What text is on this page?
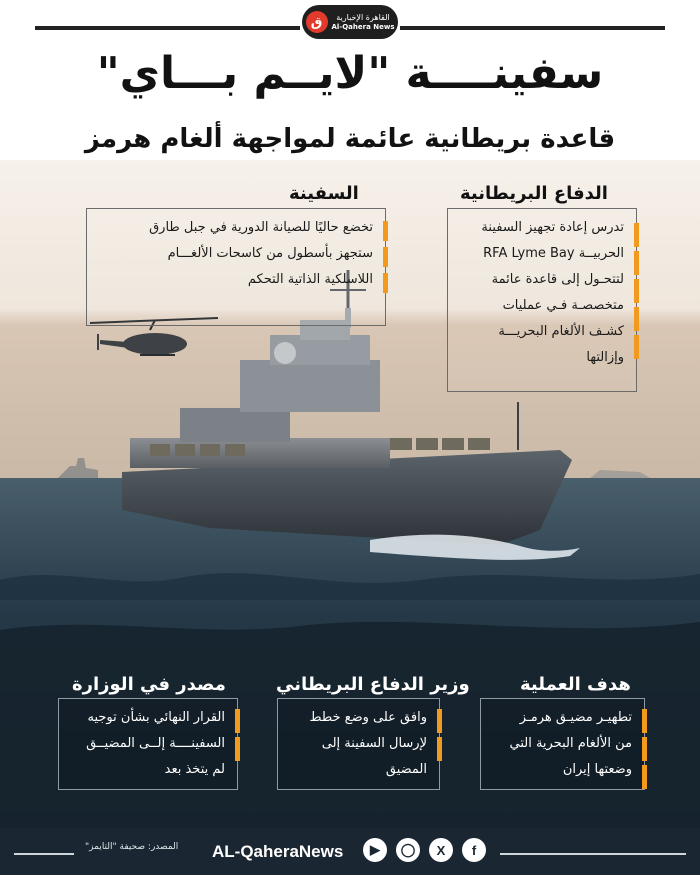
ق	القاهرة الإخبارية
Al-Qahera News
سفينــــة "لايــم بـــاي"
قاعدة بريطانية عائمة لمواجهة ألغام هرمز
السفينة
تخضع حاليًا للصيانة الدورية في جبل طارق
ستجهز بأسطول من كاسحات الألغـــام
اللاسلكية الذاتية التحكم
الدفاع البريطانية
تدرس إعادة تجهيز السفينة
الحربيــة RFA Lyme Bay
لتتحـول إلى قاعدة عائمة
متخصصـة فـي عمليات
كشـف الألغام البحريـــة
وإزالتها
مصدر في الوزارة
القرار النهائي بشأن توجيه
السفينــــة إلــى المضيــق
لم يتخذ بعد
وزير الدفاع البريطاني
وافق على وضع خطط
لإرسال السفينة إلى
المضيق
هدف العملية
تطهيـر مضيـق هرمـز
من الألغام البحرية التي
وضعتها إيران
المصدر: صحيفة "التايمز" AL-QaheraNews	▶	◯	X	f
